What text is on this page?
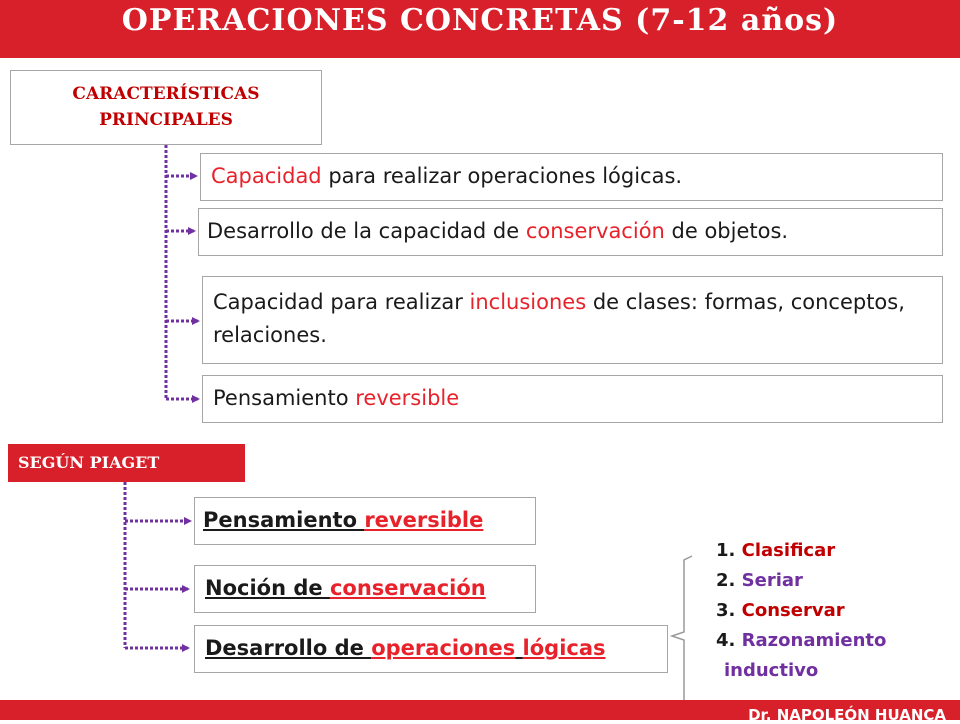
OPERACIONES CONCRETAS (7-12 años)
CARACTERÍSTICAS
PRINCIPALES
Capacidad para realizar operaciones lógicas.
Desarrollo de la capacidad de conservación de objetos.
Capacidad para realizar inclusiones de clases: formas, conceptos, relaciones.
Pensamiento reversible
SEGÚN PIAGET
Pensamiento reversible
Noción de conservación
Desarrollo de operaciones lógicas
1. Clasificar
2. Seriar
3. Conservar
4. Razonamiento
inductivo
Dr. NAPOLEÓN HUANCA
